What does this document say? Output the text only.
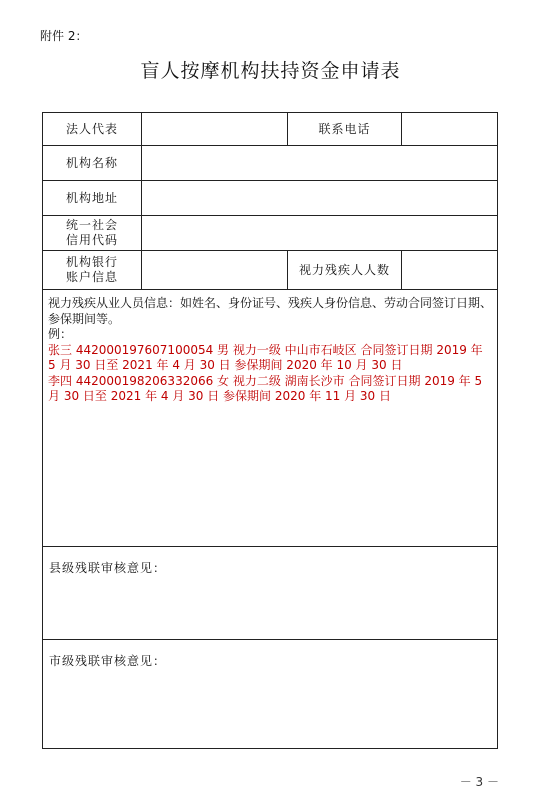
附件 2：
盲人按摩机构扶持资金申请表
法人代表		联系电话	
机构名称			
机构地址			

统一社会
信用代码			

机构银行
账户信息		视力残疾人人数	

视力残疾从业人员信息：如姓名、身份证号、残疾人身份信息、劳动合同签订日期、参保期间等。
例：
张三 442000197607100054 男 视力一级 中山市石岐区 合同签订日期 2019 年 5 月 30 日至 2021 年 4 月 30 日 参保期间 2020 年 10 月 30 日
李四 442000198206332066 女 视力二级 湖南长沙市 合同签订日期 2019 年 5 月 30 日至 2021 年 4 月 30 日 参保期间 2020 年 11 月 30 日			

县级残联审核意见：			
市级残联审核意见：			
－ 3 －
